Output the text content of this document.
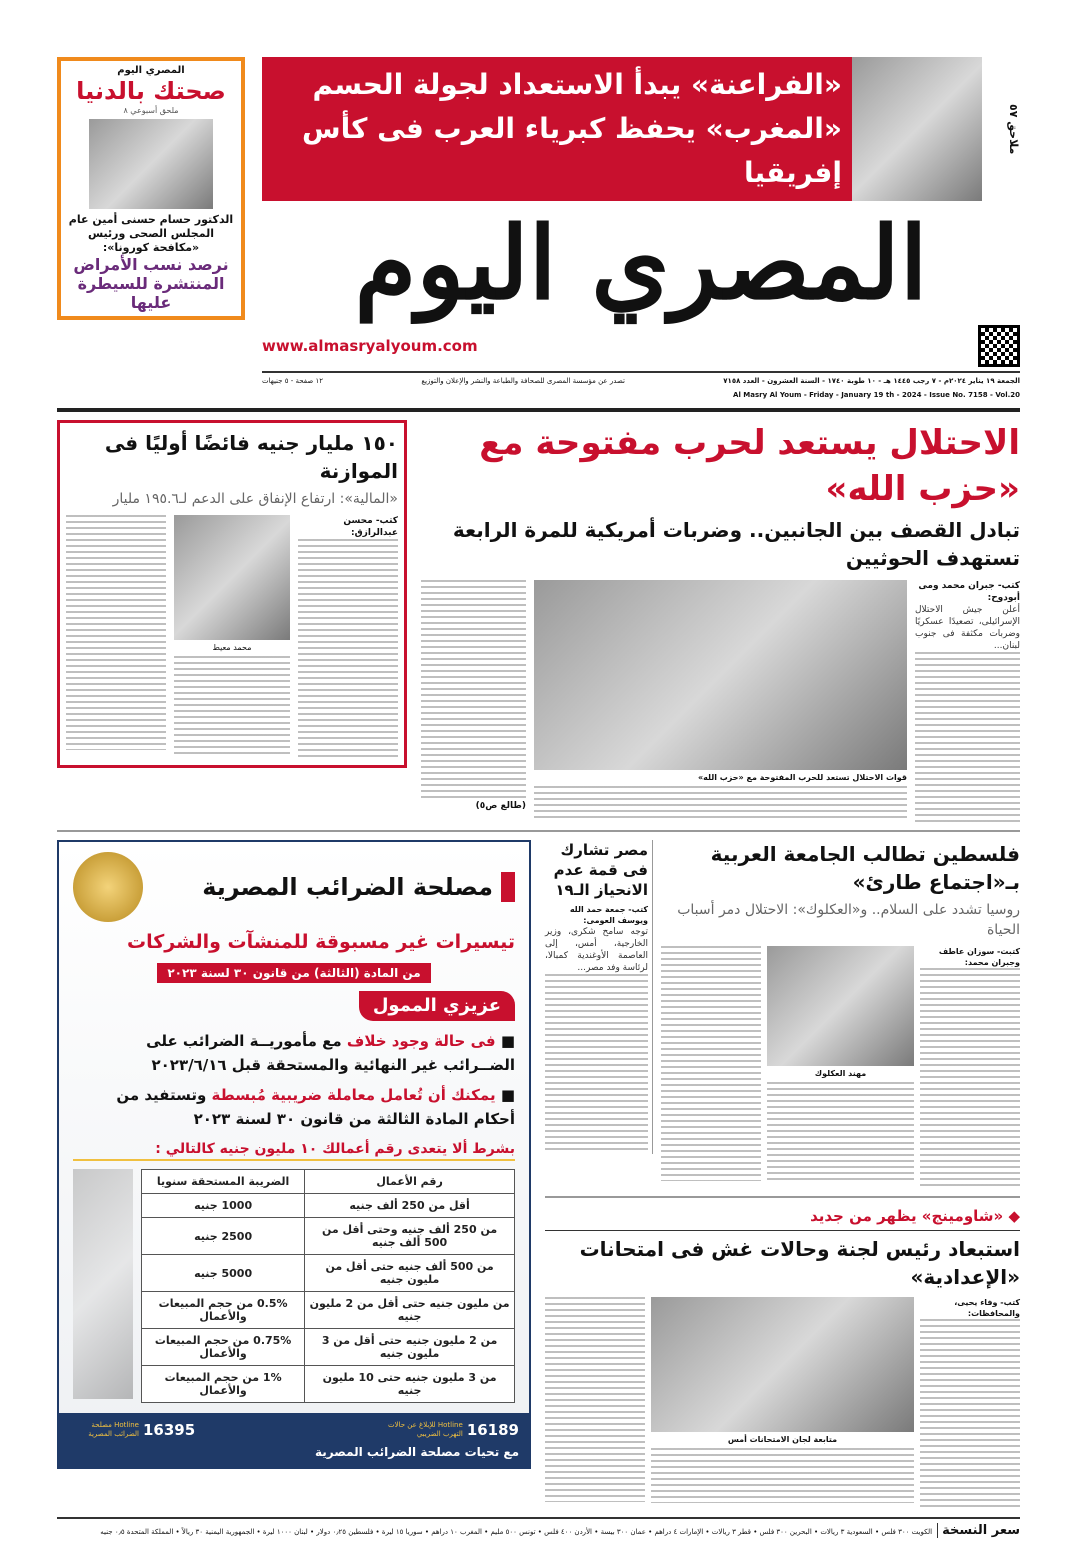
ملاحق ٥٧
«الفراعنة» يبدأ الاستعداد لجولة الحسم
«المغرب» يحفظ كبرياء العرب فى كأس إفريقيا
المصري اليوم
www.almasryalyoum.com
الجمعة ١٩ يناير ٢٠٢٤م - ٧ رجب ١٤٤٥ هـ - ١٠ طوبة ١٧٤٠ - السنة العشرون - العدد ٧١٥٨
تصدر عن مؤسسة المصرى للصحافة والطباعة والنشر والإعلان والتوزيع
١٢ صفحة - ٥ جنيهات
Al Masry Al Youm - Friday - January 19 th - 2024 - Issue No. 7158 - Vol.20
المصري اليوم
صحتك بالدنيا
ملحق أسبوعي ٨
الدكتور حسام حسنى أمين عام المجلس الصحى ورئيس «مكافحة كورونا»:
نرصد نسب الأمراض
المنتشرة للسيطرة عليها
الاحتلال يستعد لحرب مفتوحة مع «حزب الله»
تبادل القصف بين الجانبين.. وضربات أمريكية للمرة الرابعة تستهدف الحوثيين
كتب- جبران محمد ومى أبودوح:
أعلن جيش الاحتلال الإسرائيلى، تصعيدًا عسكريًا وضربات مكثفة فى جنوب لبنان...
قوات الاحتلال تستعد للحرب المفتوحة مع «حزب الله»
(طالع ص٥)
١٥٠ مليار جنيه فائضًا أوليًا فى الموازنة
«المالية»: ارتفاع الإنفاق على الدعم لـ١٩٥.٦ مليار
كتب- محسن عبدالرازق:
محمد معيط
فلسطين تطالب الجامعة العربية بـ«اجتماع طارئ»
روسيا تشدد على السلام.. و«العكلوك»: الاحتلال دمر أسباب الحياة
كتبت- سوزان عاطف وجبران محمد:
مهند العكلوك
مصر تشارك فى قمة عدم الانحياز الـ١٩
كتب- جمعة حمد الله ويوسف العومى:
توجه سامح شكرى، وزير الخارجية، أمس، إلى العاصمة الأوغندية كمبالا، لرئاسة وفد مصر...
◆ «شاومينج» يظهر من جديد
استبعاد رئيس لجنة وحالات غش فى امتحانات «الإعدادية»
كتب- وفاء يحيى، والمحافظات:
متابعة لجان الامتحانات أمس
مصلحة الضرائب المصرية
تيسيرات غير مسبوقة للمنشآت والشركات
من المادة (الثالثة) من قانون ٣٠ لسنة ٢٠٢٣
عزيزي الممول
■ فى حالة وجود خلاف مع مأموريــة الضرائب على الضــرائب غير النهائية والمستحقة قبل ٢٠٢٣/٦/١٦
■ يمكنك أن تُعامل معاملة ضريبية مُبسطة وتستفيد من أحكام المادة الثالثة من قانون ٣٠ لسنة ٢٠٢٣
بشرط ألا يتعدى رقم أعمالك ١٠ مليون جنيه كالتالي :
رقم الأعمال	الضريبة المستحقة سنويا
أقل من 250 ألف جنيه	1000 جنيه
من 250 ألف جنيه وحتى أقل من 500 ألف جنيه	2500 جنيه
من 500 ألف جنيه حتى أقل من مليون جنيه	5000 جنيه
من مليون جنيه حتى أقل من 2 مليون جنيه	0.5% من حجم المبيعات والأعمال
من 2 مليون جنيه حتى أقل من 3 مليون جنيه	0.75% من حجم المبيعات والأعمال
من 3 مليون جنيه حتى 10 مليون جنيه	1% من حجم المبيعات والأعمال
16189
Hotline للإبلاغ عن حالات التهرب الضريبي
16395
Hotline مصلحة الضرائب المصرية
مع تحيات مصلحة الضرائب المصرية
سعر النسخة الكويت ٣٠٠ فلس • السعودية ٣ ريالات • البحرين ٣٠٠ فلس • قطر ٣ ريالات • الإمارات ٤ دراهم • عمان ٣٠٠ بيسة • الأردن ٤٠٠ فلس • تونس ٥٠٠ مليم • المغرب ١٠ دراهم • سوريا ١٥ ليرة • فلسطين ٠٫٢٥ دولار • لبنان ١٠٠٠ ليرة • الجمهورية اليمنية ٣٠ ريالاً • المملكة المتحدة ٠٫٥ جنيه
